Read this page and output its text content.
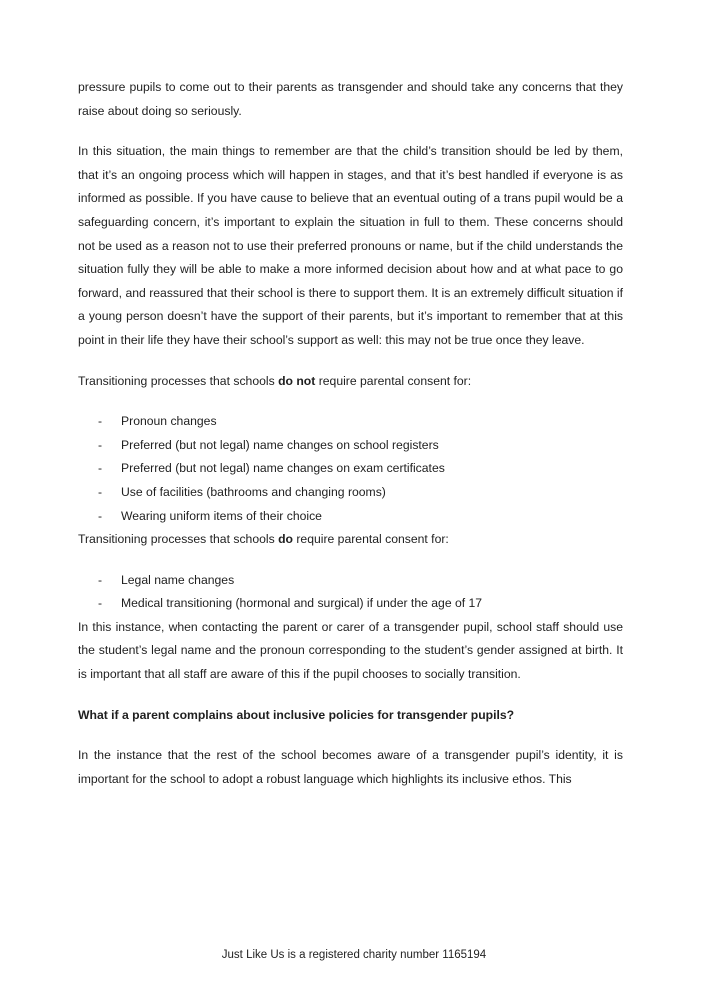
pressure pupils to come out to their parents as transgender and should take any concerns that they raise about doing so seriously.

In this situation, the main things to remember are that the child’s transition should be led by them, that it’s an ongoing process which will happen in stages, and that it’s best handled if everyone is as informed as possible. If you have cause to believe that an eventual outing of a trans pupil would be a safeguarding concern, it’s important to explain the situation in full to them. These concerns should not be used as a reason not to use their preferred pronouns or name, but if the child understands the situation fully they will be able to make a more informed decision about how and at what pace to go forward, and reassured that their school is there to support them. It is an extremely difficult situation if a young person doesn’t have the support of their parents, but it’s important to remember that at this point in their life they have their school’s support as well: this may not be true once they leave.

Transitioning processes that schools do not require parental consent for:

- Pronoun changes
- Preferred (but not legal) name changes on school registers
- Preferred (but not legal) name changes on exam certificates
- Use of facilities (bathrooms and changing rooms)
- Wearing uniform items of their choice

Transitioning processes that schools do require parental consent for:

- Legal name changes
- Medical transitioning (hormonal and surgical) if under the age of 17

In this instance, when contacting the parent or carer of a transgender pupil, school staff should use the student’s legal name and the pronoun corresponding to the student’s gender assigned at birth. It is important that all staff are aware of this if the pupil chooses to socially transition.

What if a parent complains about inclusive policies for transgender pupils?

In the instance that the rest of the school becomes aware of a transgender pupil’s identity, it is important for the school to adopt a robust language which highlights its inclusive ethos. This

Just Like Us is a registered charity number 1165194
